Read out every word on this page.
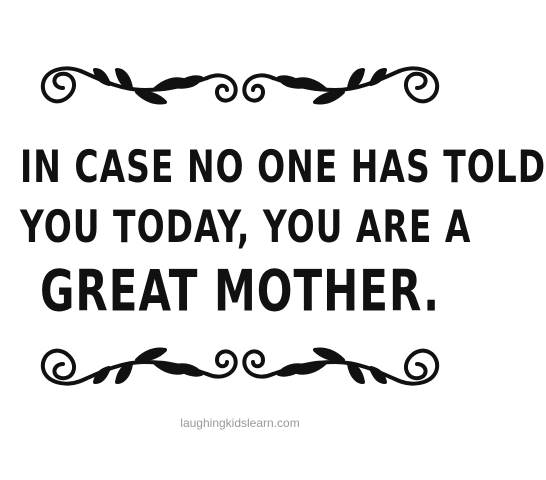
IN CASE NO ONE HAS TOLD
YOU TODAY, YOU ARE A
GREAT MOTHER.
laughingkidslearn.com
